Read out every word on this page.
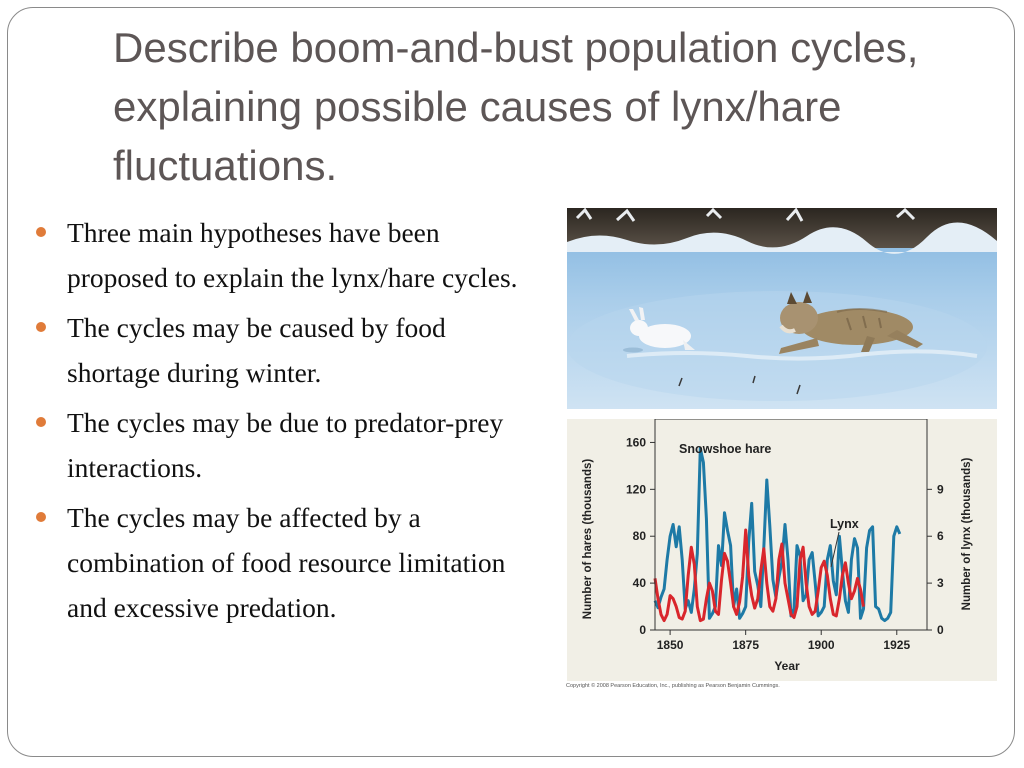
Describe boom-and-bust population cycles, explaining possible causes of lynx/hare fluctuations.
Three main hypotheses have been proposed to explain the lynx/hare cycles.
The cycles may be caused by food shortage during winter.
The cycles may be due to predator-prey interactions.
The cycles may be affected by a combination of food resource limitation and excessive predation.
0
40
80
120
160
0
3
6
9
1850	1875	1900	1925
Year
Number of hares (thousands)	Number of lynx (thousands)
Snowshoe hare
Lynx
Copyright © 2008 Pearson Education, Inc., publishing as Pearson Benjamin Cummings.
